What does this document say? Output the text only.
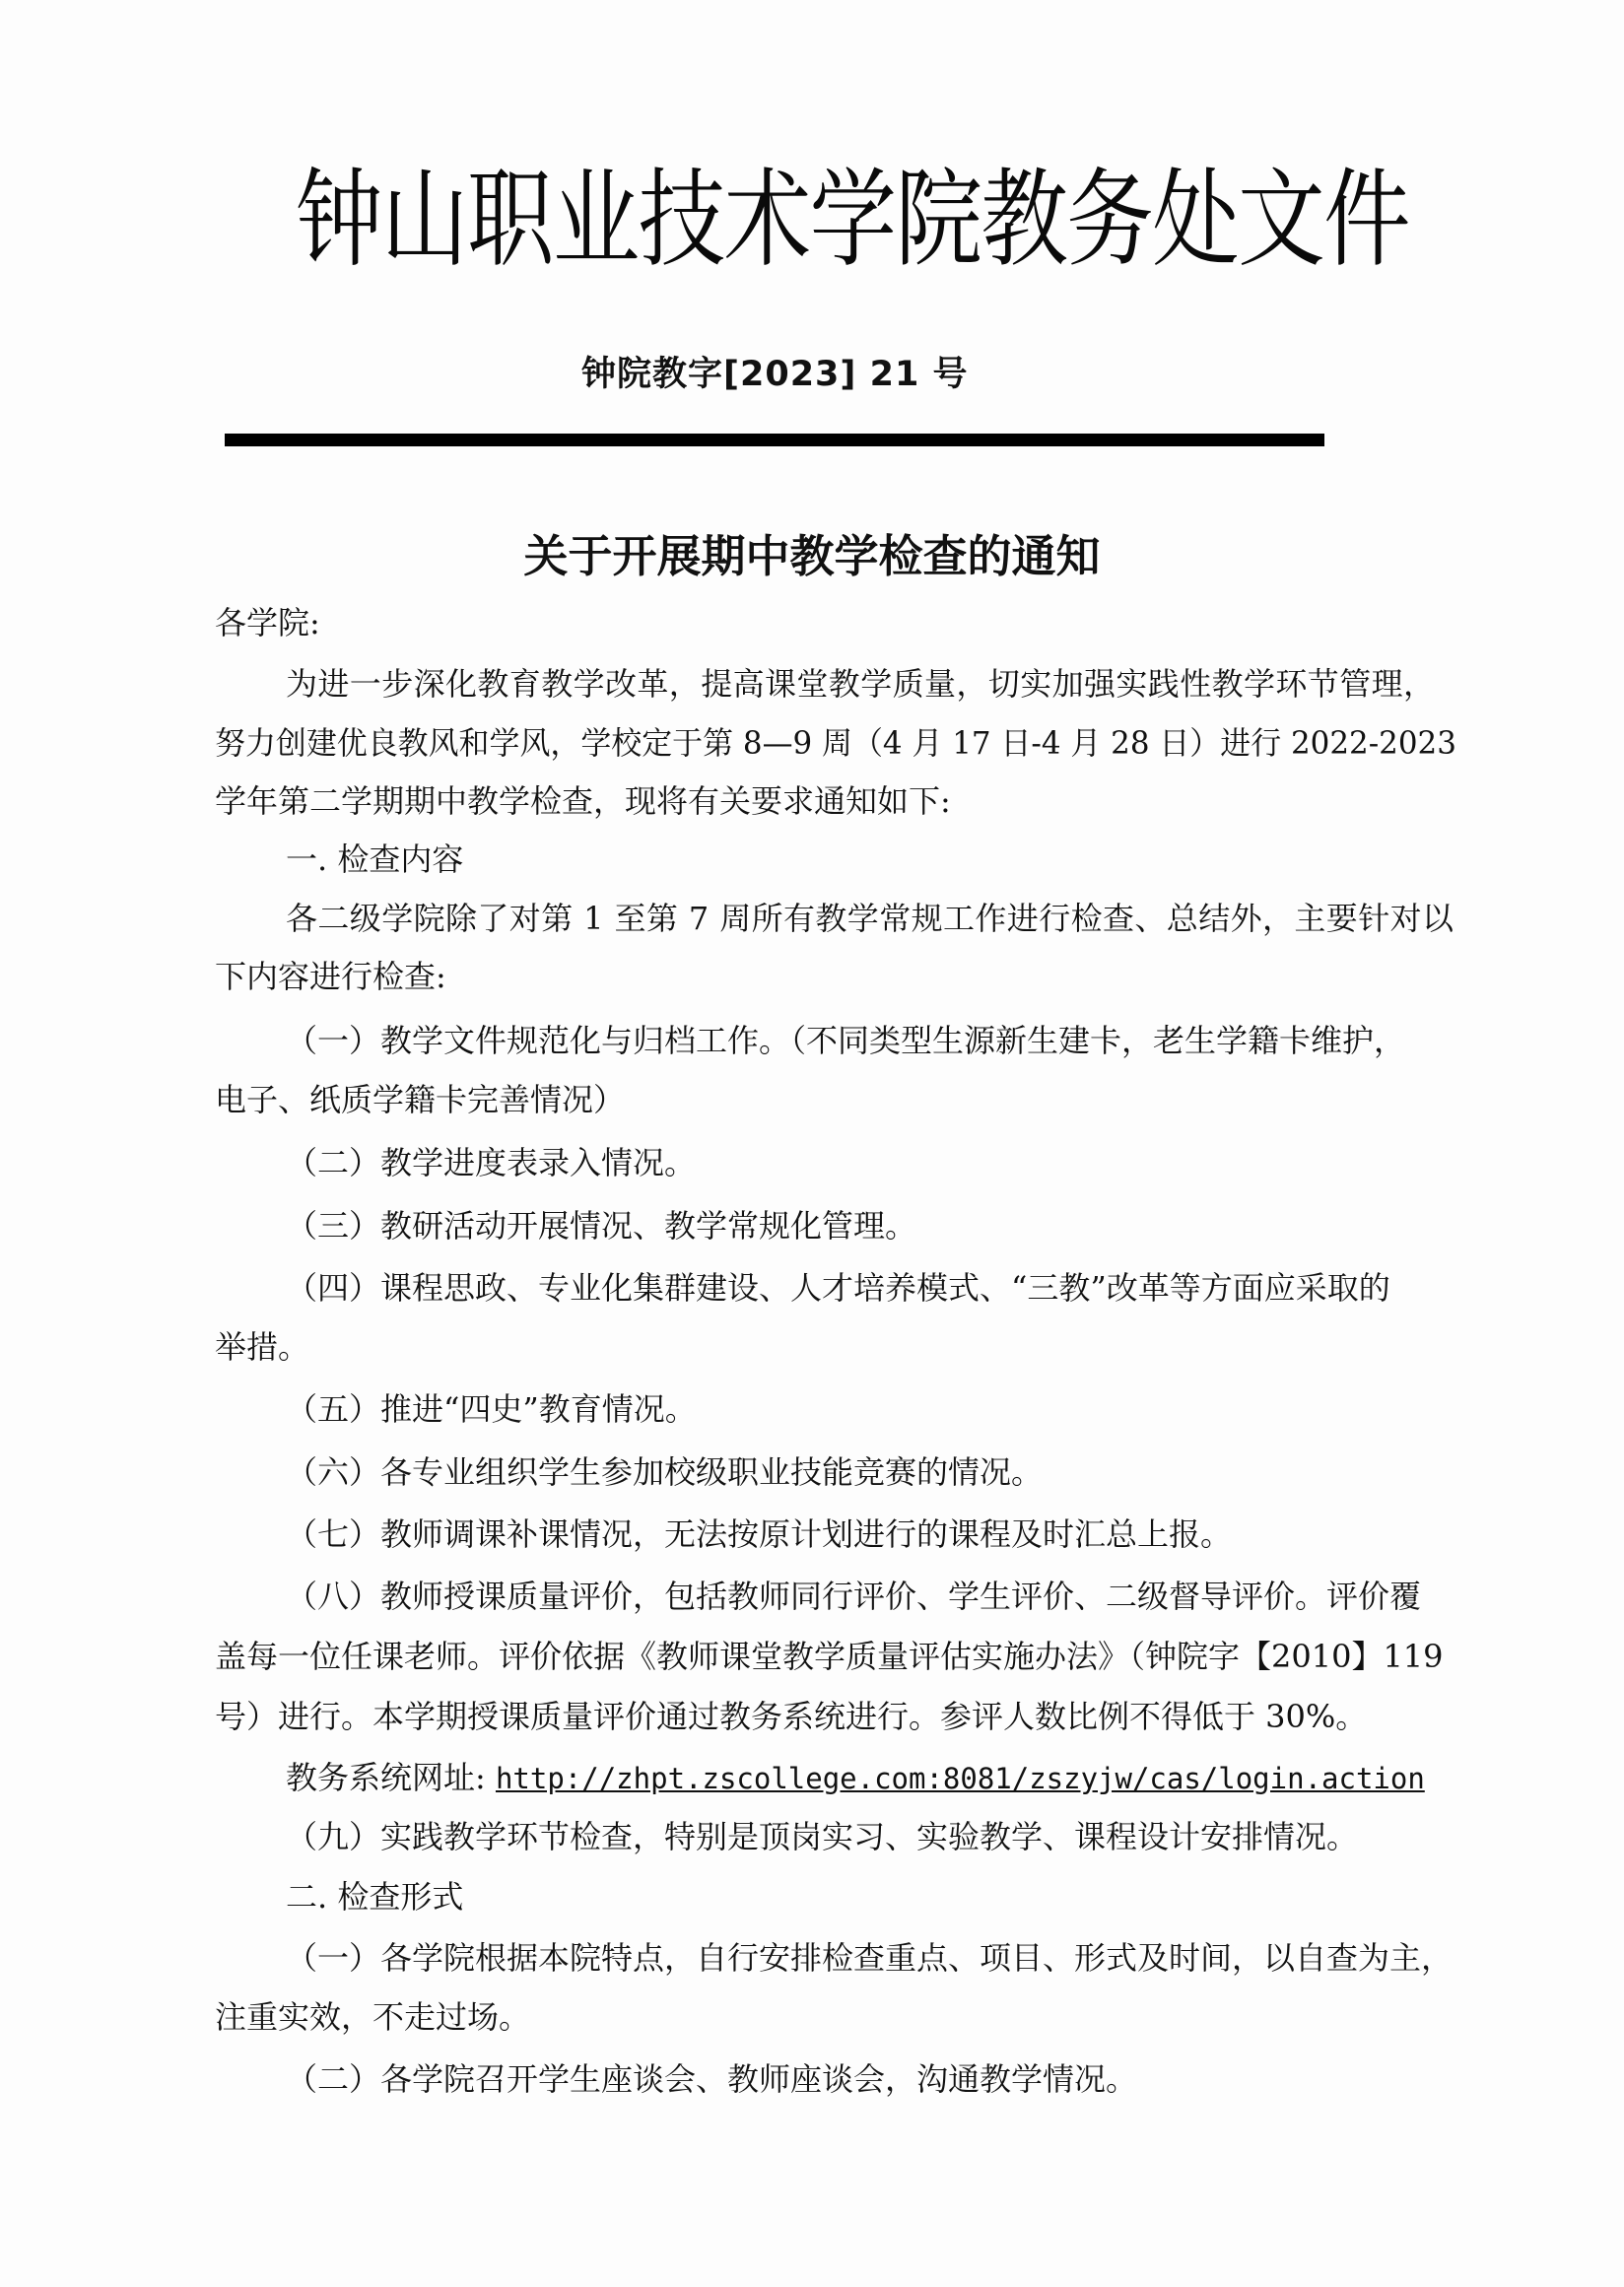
钟山职业技术学院教务处文件
钟院教字[2023] 21 号
关于开展期中教学检查的通知
各学院:
为进一步深化教育教学改革，提高课堂教学质量，切实加强实践性教学环节管理，
努力创建优良教风和学风，学校定于第 8—9 周（4 月 17 日-4 月 28 日）进行 2022-2023
学年第二学期期中教学检查，现将有关要求通知如下:
一. 检查内容
各二级学院除了对第 1 至第 7 周所有教学常规工作进行检查、总结外，主要针对以
下内容进行检查:
（一）教学文件规范化与归档工作。（不同类型生源新生建卡，老生学籍卡维护，
电子、纸质学籍卡完善情况）
（二）教学进度表录入情况。
（三）教研活动开展情况、教学常规化管理。
（四）课程思政、专业化集群建设、人才培养模式、“三教”改革等方面应采取的
举措。
（五）推进“四史”教育情况。
（六）各专业组织学生参加校级职业技能竞赛的情况。
（七）教师调课补课情况，无法按原计划进行的课程及时汇总上报。
（八）教师授课质量评价，包括教师同行评价、学生评价、二级督导评价。评价覆
盖每一位任课老师。评价依据《教师课堂教学质量评估实施办法》（钟院字【2010】119
号）进行。本学期授课质量评价通过教务系统进行。参评人数比例不得低于 30%。
教务系统网址: http://zhpt.zscollege.com:8081/zszyjw/cas/login.action
（九）实践教学环节检查，特别是顶岗实习、实验教学、课程设计安排情况。
二. 检查形式
（一）各学院根据本院特点，自行安排检查重点、项目、形式及时间，以自查为主，
注重实效，不走过场。
（二）各学院召开学生座谈会、教师座谈会，沟通教学情况。
